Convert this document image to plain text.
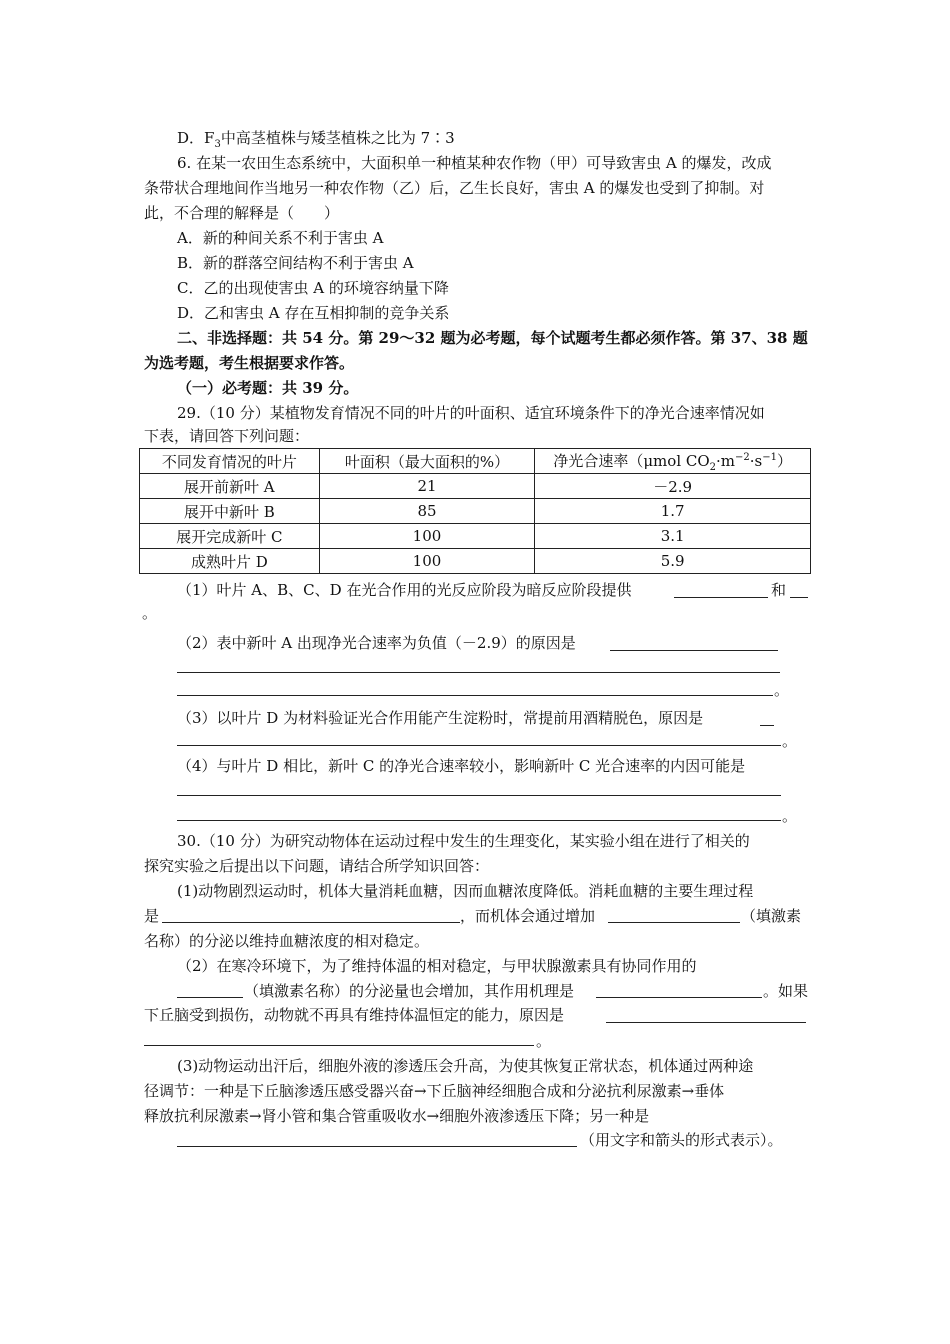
D．$F_3$中高茎植株与矮茎植株之比为 7∶3
6. 在某一农田生态系统中，大面积单一种植某种农作物（甲）可导致害虫 A 的爆发，改成
条带状合理地间作当地另一种农作物（乙）后，乙生长良好，害虫 A 的爆发也受到了抑制。对
此，不合理的解释是（　　）
A．新的种间关系不利于害虫 A
B．新的群落空间结构不利于害虫 A
C．乙的出现使害虫 A 的环境容纳量下降
D．乙和害虫 A 存在互相抑制的竞争关系
二、非选择题：共 54 分。第 29～32 题为必考题，每个试题考生都必须作答。第 37、38 题
为选考题，考生根据要求作答。
（一）必考题：共 39 分。
29.（10 分）某植物发育情况不同的叶片的叶面积、适宜环境条件下的净光合速率情况如
下表，请回答下列问题：
不同发育情况的叶片	叶面积（最大面积的%）	净光合速率（μmol $CO_2\cdot m^{-2}\cdot s^{-1}$）
展开前新叶 A	21	－2.9
展开中新叶 B	85	1.7
展开完成新叶 C	100	3.1
成熟叶片 D	100	5.9
（1）叶片 A、B、C、D 在光合作用的光反应阶段为暗反应阶段提供	和
。
（2）表中新叶 A 出现净光合速率为负值（－2.9）的原因是
。
（3）以叶片 D 为材料验证光合作用能产生淀粉时，常提前用酒精脱色，原因是
。
（4）与叶片 D 相比，新叶 C 的净光合速率较小，影响新叶 C 光合速率的内因可能是
。
30.（10 分）为研究动物体在运动过程中发生的生理变化，某实验小组在进行了相关的
探究实验之后提出以下问题，请结合所学知识回答：
(1)动物剧烈运动时，机体大量消耗血糖，因而血糖浓度降低。消耗血糖的主要生理过程
是	，而机体会通过增加	（填激素
名称）的分泌以维持血糖浓度的相对稳定。
（2）在寒冷环境下，为了维持体温的相对稳定，与甲状腺激素具有协同作用的
（填激素名称）的分泌量也会增加，其作用机理是	。如果
下丘脑受到损伤，动物就不再具有维持体温恒定的能力，原因是
。
(3)动物运动出汗后，细胞外液的渗透压会升高，为使其恢复正常状态，机体通过两种途
径调节：一种是下丘脑渗透压感受器兴奋→下丘脑神经细胞合成和分泌抗利尿激素→垂体
释放抗利尿激素→肾小管和集合管重吸收水→细胞外液渗透压下降；另一种是
（用文字和箭头的形式表示）。
